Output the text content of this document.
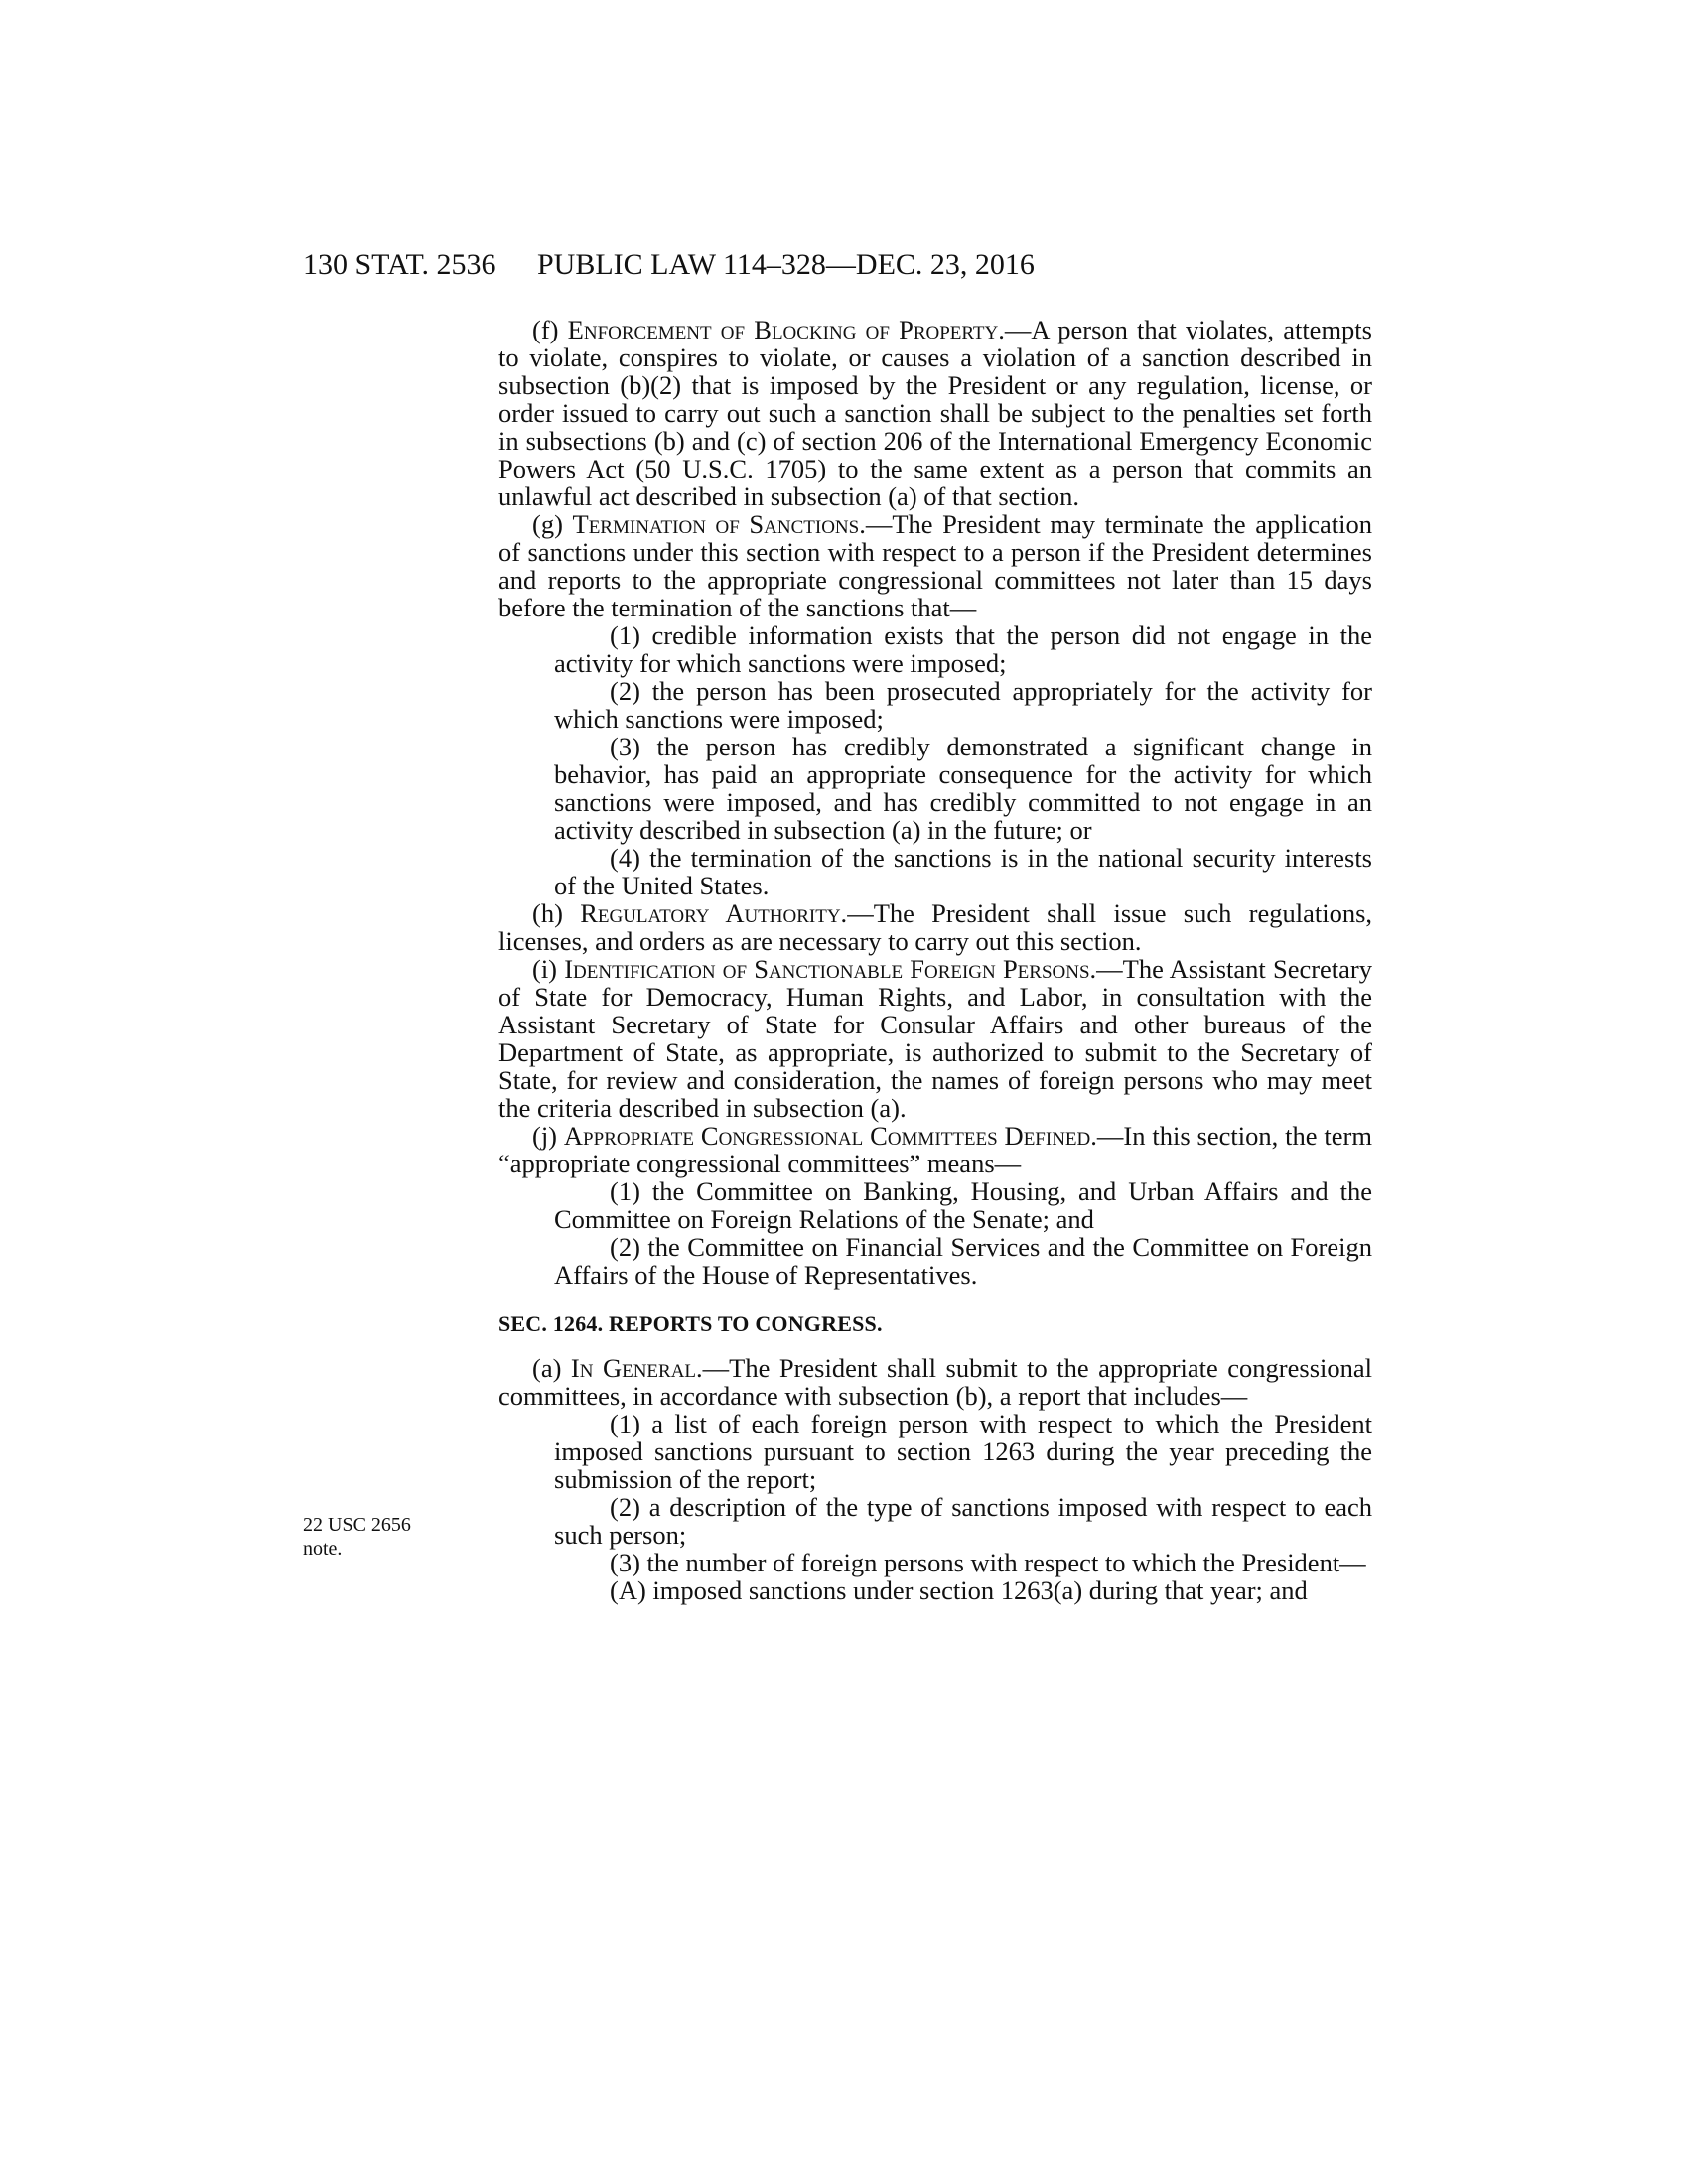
130 STAT. 2536 PUBLIC LAW 114–328—DEC. 23, 2016
22 USC 2656
note.

(f) Enforcement of Blocking of Property.—A person that violates, attempts to violate, conspires to violate, or causes a violation of a sanction described in subsection (b)(2) that is imposed by the President or any regulation, license, or order issued to carry out such a sanction shall be subject to the penalties set forth in subsections (b) and (c) of section 206 of the International Emergency Economic Powers Act (50 U.S.C. 1705) to the same extent as a person that commits an unlawful act described in subsection (a) of that section.

(g) Termination of Sanctions.—The President may terminate the application of sanctions under this section with respect to a person if the President determines and reports to the appropriate congressional committees not later than 15 days before the termination of the sanctions that—

(1) credible information exists that the person did not engage in the activity for which sanctions were imposed;

(2) the person has been prosecuted appropriately for the activity for which sanctions were imposed;

(3) the person has credibly demonstrated a significant change in behavior, has paid an appropriate consequence for the activity for which sanctions were imposed, and has credibly committed to not engage in an activity described in subsection (a) in the future; or

(4) the termination of the sanctions is in the national security interests of the United States.

(h) Regulatory Authority.—The President shall issue such regulations, licenses, and orders as are necessary to carry out this section.

(i) Identification of Sanctionable Foreign Persons.—The Assistant Secretary of State for Democracy, Human Rights, and Labor, in consultation with the Assistant Secretary of State for Consular Affairs and other bureaus of the Department of State, as appropriate, is authorized to submit to the Secretary of State, for review and consideration, the names of foreign persons who may meet the criteria described in subsection (a).

(j) Appropriate Congressional Committees Defined.—In this section, the term “appropriate congressional committees” means—

(1) the Committee on Banking, Housing, and Urban Affairs and the Committee on Foreign Relations of the Senate; and

(2) the Committee on Financial Services and the Committee on Foreign Affairs of the House of Representatives.

SEC. 1264. REPORTS TO CONGRESS.

(a) In General.—The President shall submit to the appropriate congressional committees, in accordance with subsection (b), a report that includes—

(1) a list of each foreign person with respect to which the President imposed sanctions pursuant to section 1263 during the year preceding the submission of the report;

(2) a description of the type of sanctions imposed with respect to each such person;

(3) the number of foreign persons with respect to which the President—

(A) imposed sanctions under section 1263(a) during that year; and
